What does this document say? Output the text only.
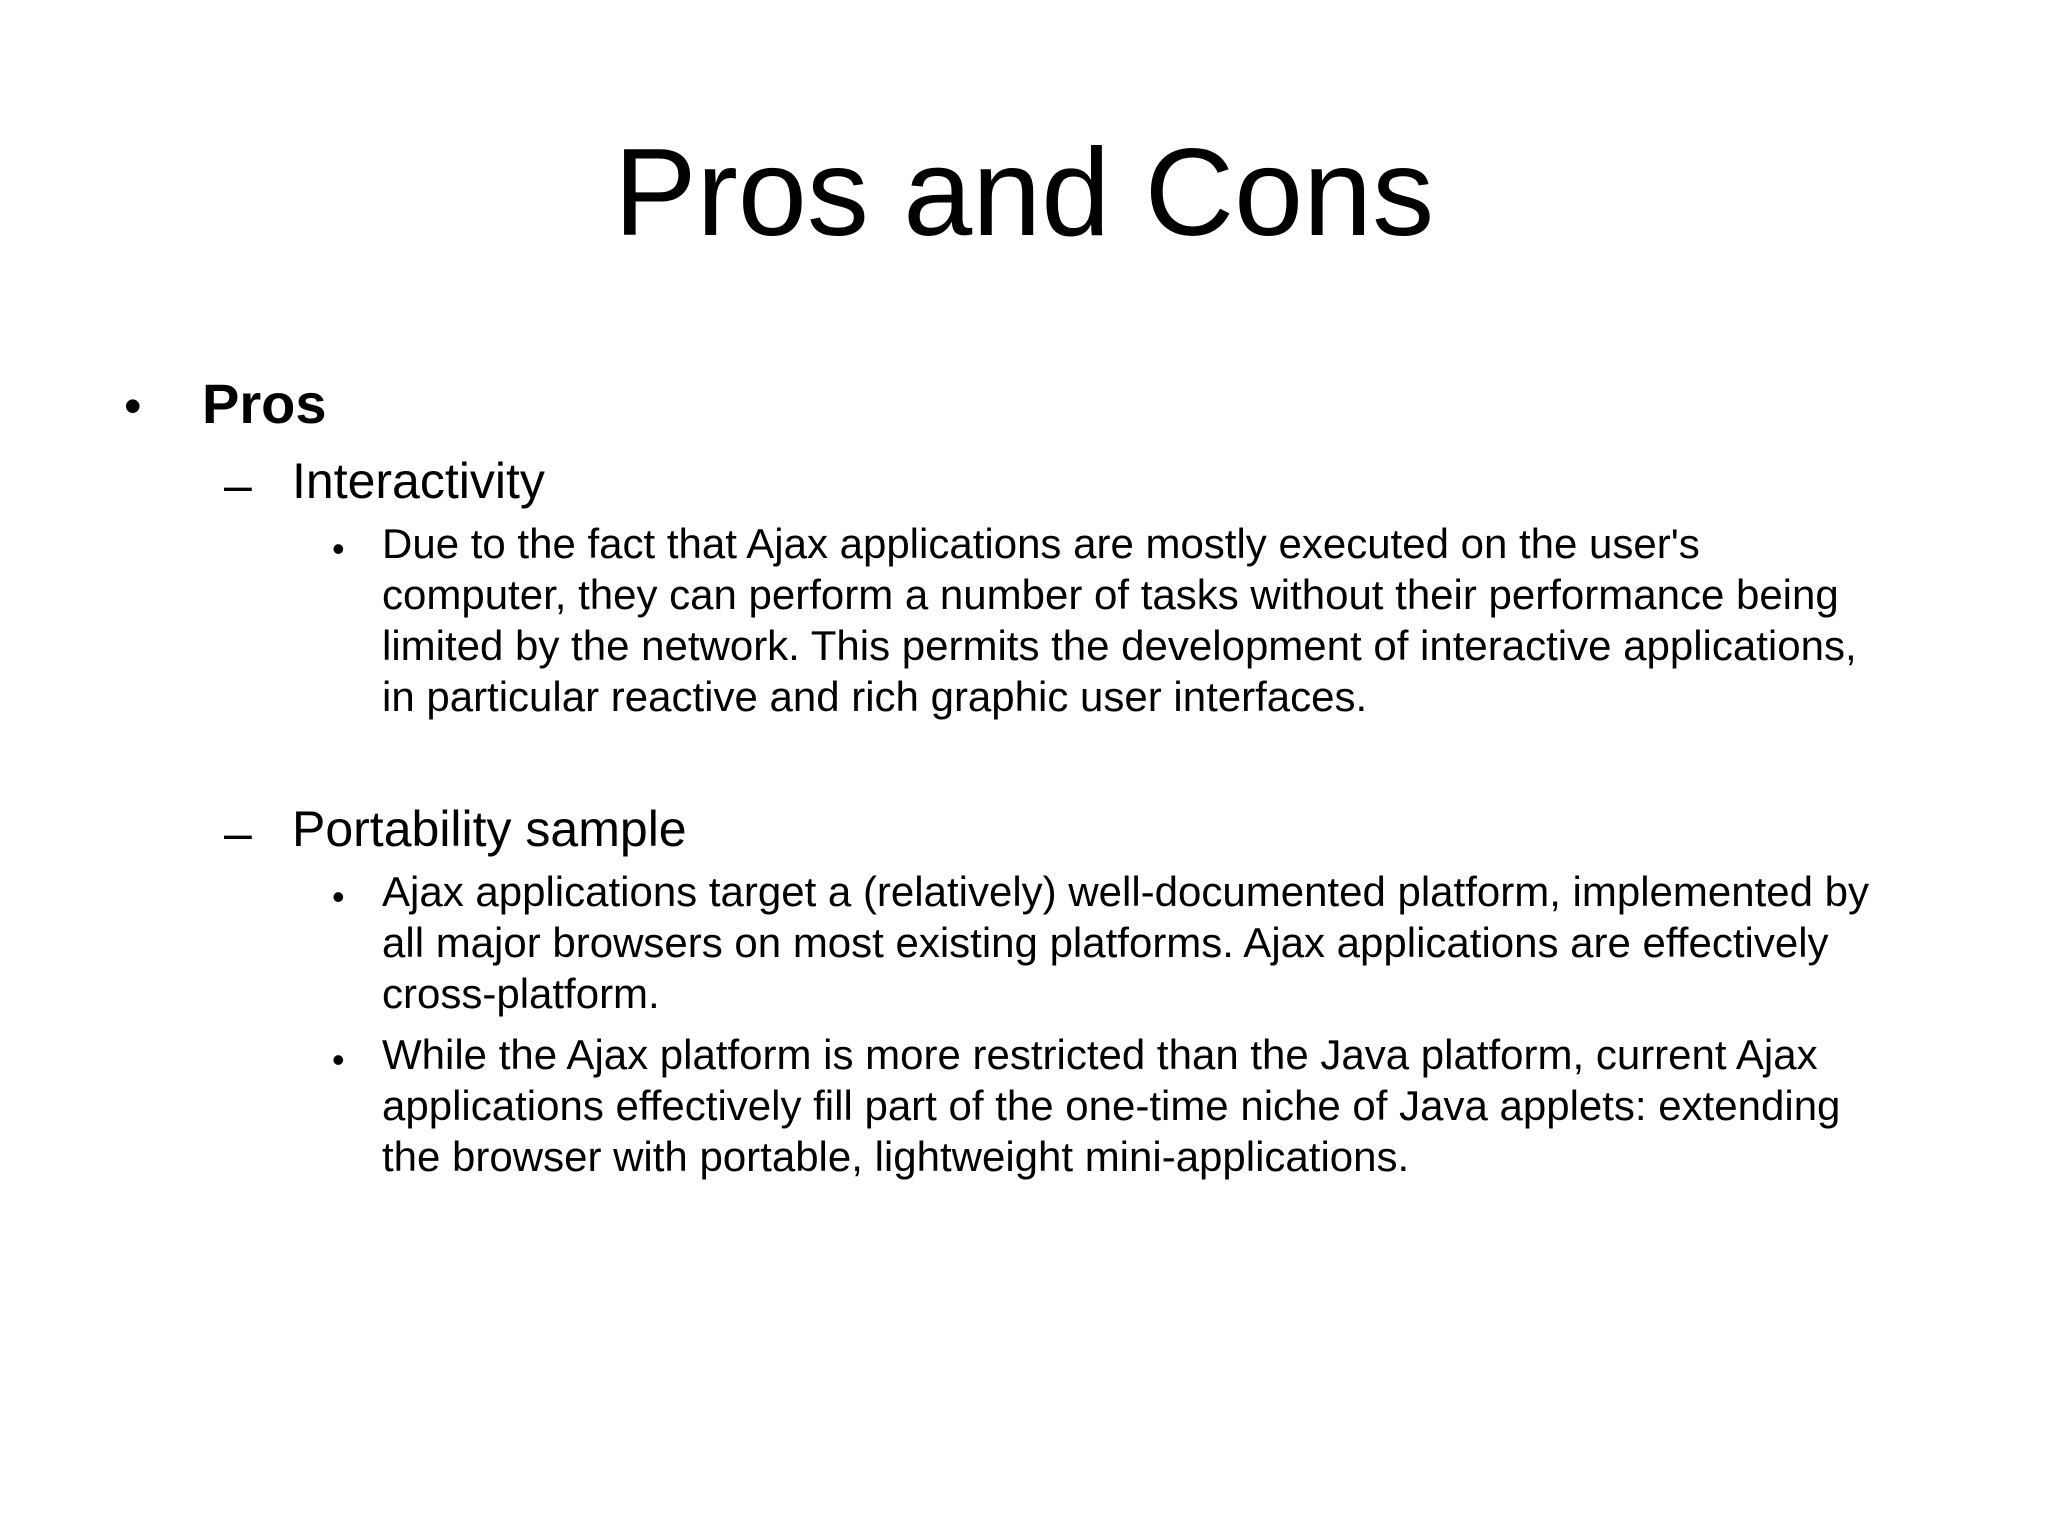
Pros and Cons
• Pros
– Interactivity
• Due to the fact that Ajax applications are mostly executed on the user's computer, they can perform a number of tasks without their performance being limited by the network. This permits the development of interactive applications, in particular reactive and rich graphic user interfaces.
– Portability sample
• Ajax applications target a (relatively) well-documented platform, implemented by all major browsers on most existing platforms. Ajax applications are effectively cross-platform.
• While the Ajax platform is more restricted than the Java platform, current Ajax applications effectively fill part of the one-time niche of Java applets: extending the browser with portable, lightweight mini-applications.
